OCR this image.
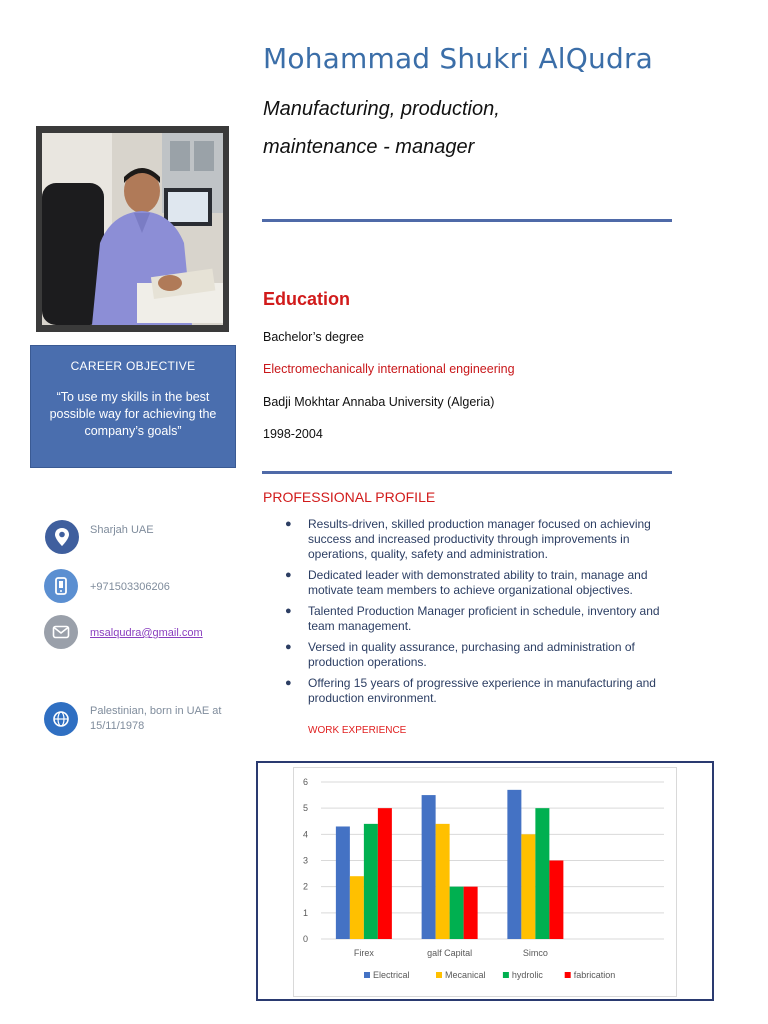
Mohammad Shukri AlQudra
Manufacturing, production,
maintenance - manager
CAREER OBJECTIVE
“To use my skills in the best possible way for achieving the company’s goals”
Sharjah UAE
+971503306206
msalqudra@gmail.com
Palestinian, born in UAE at 15/11/1978
Education
Bachelor’s degree
Electromechanically international engineering
Badji Mokhtar Annaba University (Algeria)
1998-2004
PROFESSIONAL PROFILE
● Results-driven, skilled production manager focused on achieving success and increased productivity through improvements in operations, quality, safety and administration.
● Dedicated leader with demonstrated ability to train, manage and motivate team members to achieve organizational objectives.
● Talented Production Manager proficient in schedule, inventory and team management.
● Versed in quality assurance, purchasing and administration of production operations.
● Offering 15 years of progressive experience in manufacturing and production environment.
WORK EXPERIENCE
0
1
2
3
4
5
6
Firex	galf Capital	Simco
Electrical	Mecanical	hydrolic	fabrication
